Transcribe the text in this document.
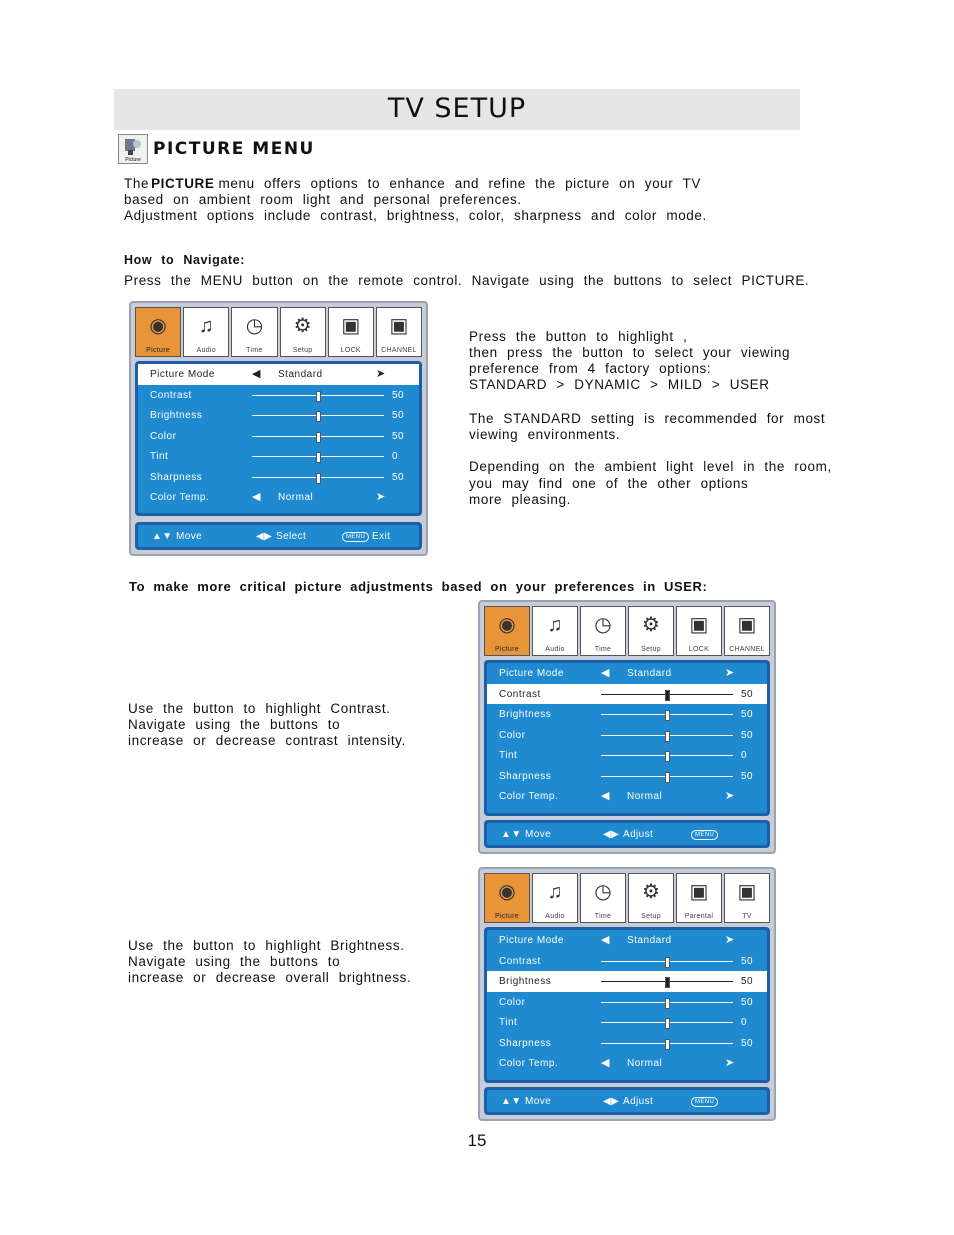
TV SETUP
Picture
PICTURE MENU
The PICTURE menu offers options to enhance and refine the picture on your TV
based on ambient room light and personal preferences.
Adjustment options include contrast, brightness, color, sharpness and color mode.
How to Navigate:
Press the MENU button on the remote control. Navigate using the buttons to select PICTURE.
◉
Picture
♫
Audio
◷
Time
⚙
Setup
▣
LOCK
▣
CHANNEL
Picture Mode	◀ Standard	➤
Contrast	50
Brightness	50
Color	50
Tint	0
Sharpness	50
Color Temp.	◀ Normal	➤
▲▼ Move	◀▶ Select	MENU Exit
Press the button to highlight ,
then press the button to select your viewing
preference from 4 factory options:
STANDARD > DYNAMIC > MILD > USER
The STANDARD setting is recommended for most
viewing environments.
Depending on the ambient light level in the room,
you may find one of the other options
more pleasing.
To make more critical picture adjustments based on your preferences in USER:
◉
Picture
♫
Audio
◷
Time
⚙
Setup
▣
LOCK
▣
CHANNEL
Picture Mode	◀ Standard	➤
Contrast	50
Brightness	50
Color	50
Tint	0
Sharpness	50
Color Temp.	◀ Normal	➤
▲▼ Move	◀▶ Adjust	MENU
Use the button to highlight Contrast.
Navigate using the buttons to
increase or decrease contrast intensity.
◉
Picture
♫
Audio
◷
Time
⚙
Setup
▣
Parental
▣
TV
Picture Mode	◀ Standard	➤
Contrast	50
Brightness	50
Color	50
Tint	0
Sharpness	50
Color Temp.	◀ Normal	➤
▲▼ Move	◀▶ Adjust	MENU
Use the button to highlight Brightness.
Navigate using the buttons to
increase or decrease overall brightness.
15
